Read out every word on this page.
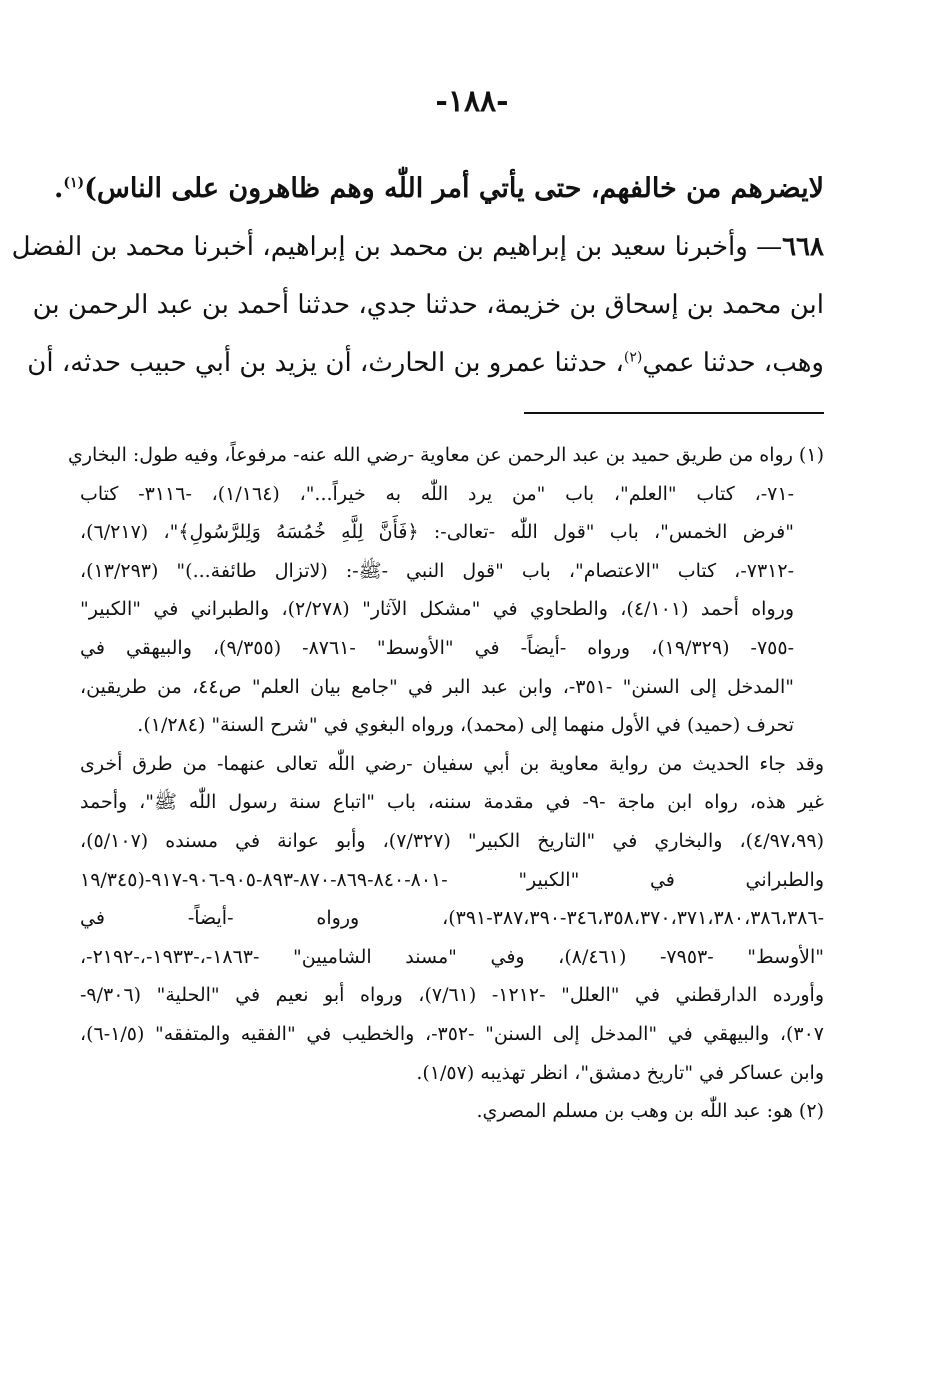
-١٨٨-
لايضرهم من خالفهم، حتى يأتي أمر اللّٰه وهم ظاهرون على الناس)$^{(١)}$.
٦٦٨— وأخبرنا سعيد بن إبراهيم بن محمد بن إبراهيم، أخبرنا محمد بن الفضل
ابن محمد بن إسحاق بن خزيمة، حدثنا جدي، حدثنا أحمد بن عبد الرحمن بن
وهب، حدثنا عمي$^{(٢)}$، حدثنا عمرو بن الحارث، أن يزيد بن أبي حبيب حدثه، أن
(١) رواه من طريق حميد بن عبد الرحمن عن معاوية -رضي الله عنه- مرفوعاً، وفيه طول: البخاري
-٧١-، كتاب "العلم"، باب "من يرد اللّٰه به خيراً..."، (١/١٦٤)، -٣١١٦- كتاب
"فرض الخمس"، باب "قول اللّٰه -تعالى-: ﴿فَأَنَّ لِلَّهِ خُمُسَهُ وَلِلرَّسُولِ﴾"، (٦/٢١٧)،
-٧٣١٢-، كتاب "الاعتصام"، باب "قول النبي -ﷺ-: (لاتزال طائفة...)" (١٣/٢٩٣)،
ورواه أحمد (٤/١٠١)، والطحاوي في "مشكل الآثار" (٢/٢٧٨)، والطبراني في "الكبير"
-٧٥٥- (١٩/٣٢٩)، ورواه -أيضاً- في "الأوسط" -٨٧٦١- (٩/٣٥٥)، والبيهقي في
"المدخل إلى السنن" -٣٥١-، وابن عبد البر في "جامع بيان العلم" ص٤٤، من طريقين،
تحرف (حميد) في الأول منهما إلى (محمد)، ورواه البغوي في "شرح السنة" (١/٢٨٤).
وقد جاء الحديث من رواية معاوية بن أبي سفيان -رضي اللّٰه تعالى عنهما- من طرق أخرى
غير هذه، رواه ابن ماجة -٩- في مقدمة سننه، باب "اتباع سنة رسول اللّٰه ﷺ"، وأحمد
(٤/٩٧،٩٩)، والبخاري في "التاريخ الكبير" (٧/٣٢٧)، وأبو عوانة في مسنده (٥/١٠٧)،
والطبراني في "الكبير" -٨٠١-٨٤٠-٨٦٩-٨٧٠-٨٩٣-٩٠٥-٩٠٦-٩١٧-(١٩/٣٤٥
-٣٤٦،٣٥٨،٣٧٠،٣٧١،٣٨٠،٣٨٦،٣٨٦-٣٨٧،٣٩٠-٣٩١)، ورواه -أيضاً- في
"الأوسط" -٧٩٥٣- (٨/٤٦١)، وفي "مسند الشاميين" -١٨٦٣-،-١٩٣٣-،-٢١٩٢-،
وأورده الدارقطني في "العلل" -١٢١٢- (٧/٦١)، ورواه أبو نعيم في "الحلية" (٩/٣٠٦-
٣٠٧)، والبيهقي في "المدخل إلى السنن" -٣٥٢-، والخطيب في "الفقيه والمتفقه" (١/٥-٦)،
وابن عساكر في "تاريخ دمشق"، انظر تهذيبه (١/٥٧).
(٢) هو: عبد اللّٰه بن وهب بن مسلم المصري.
